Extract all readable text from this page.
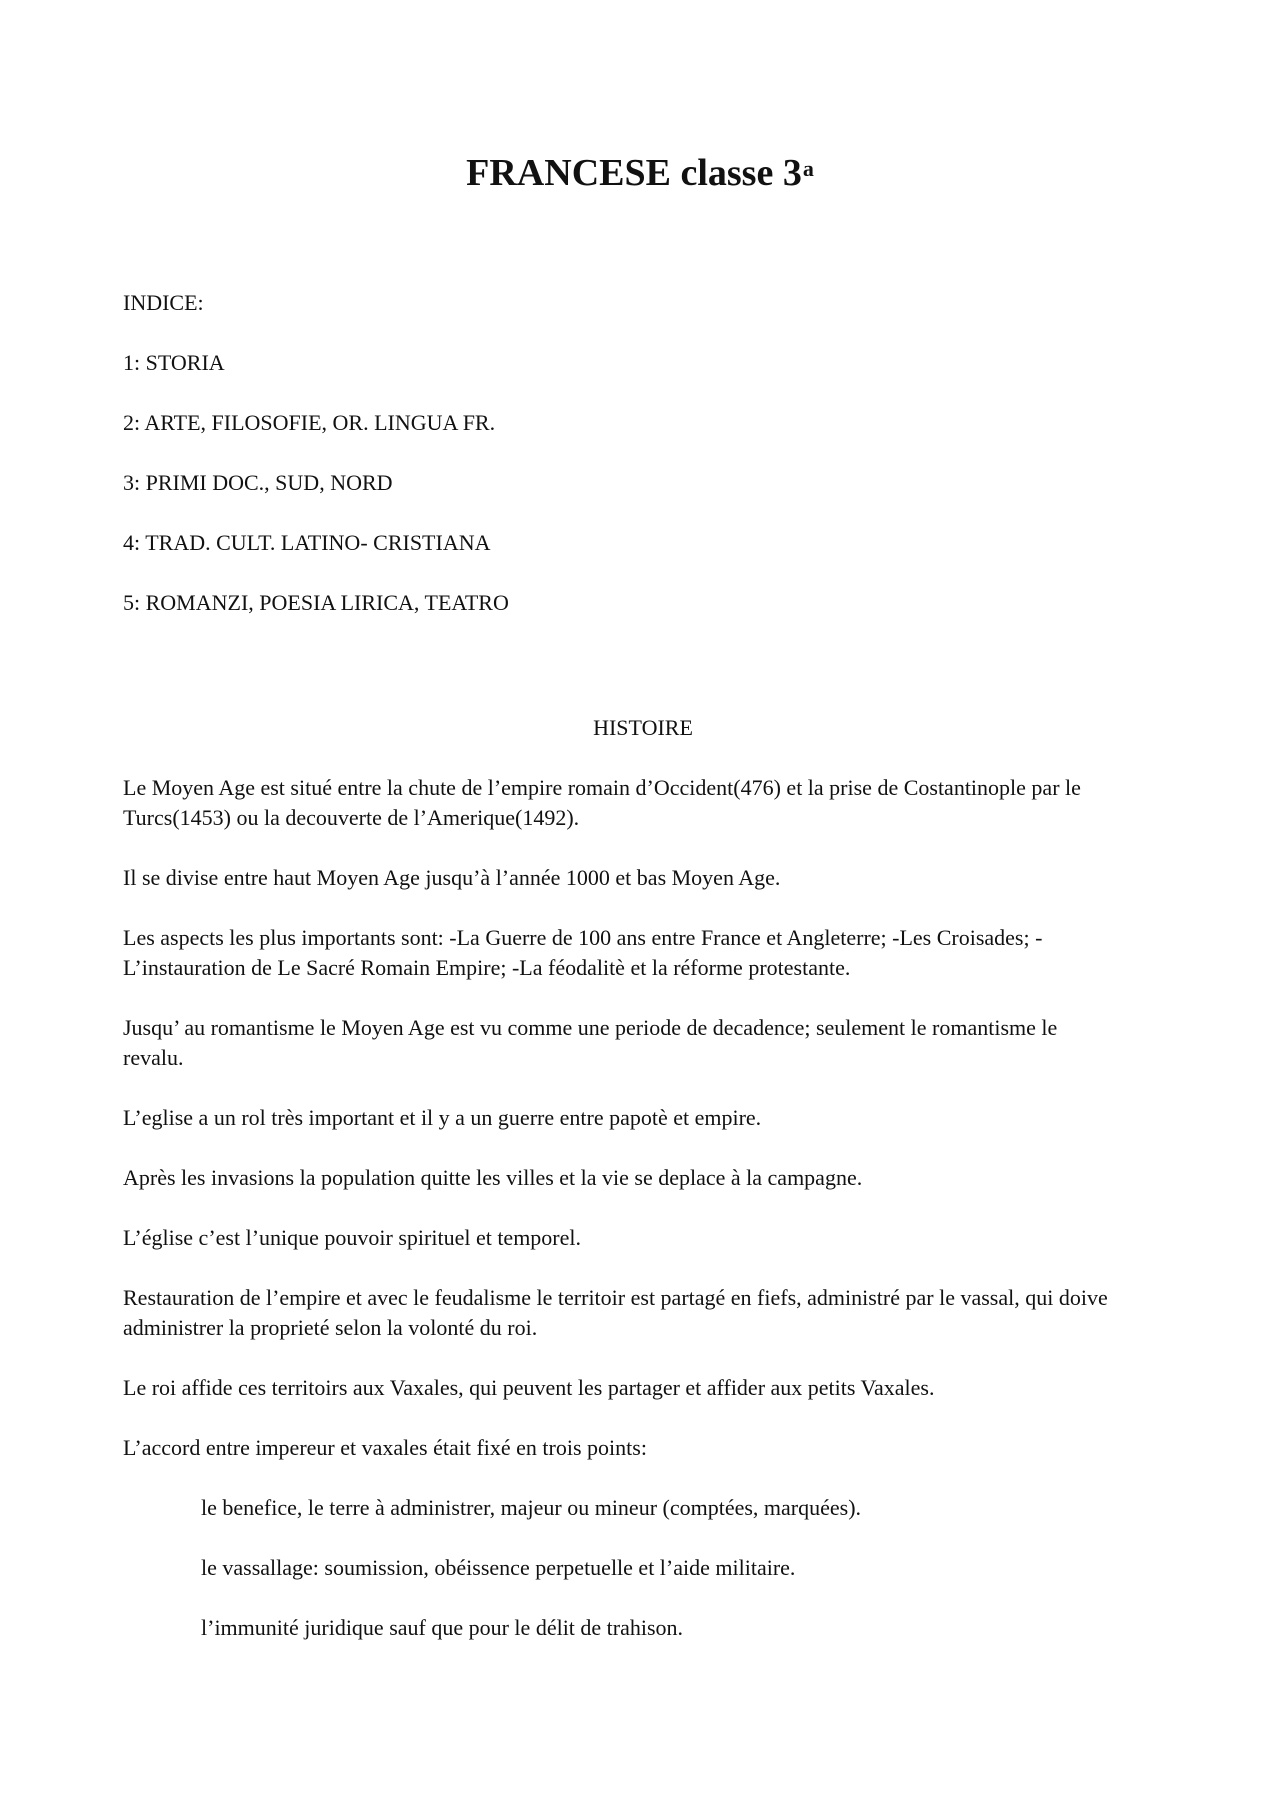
FRANCESE classe 3$^a$

INDICE:

1: STORIA
2: ARTE, FILOSOFIE, OR. LINGUA FR.
3: PRIMI DOC., SUD, NORD
4: TRAD. CULT. LATINO- CRISTIANA
5: ROMANZI, POESIA LIRICA, TEATRO
HISTOIRE

Le Moyen Age est situé entre la chute de l’empire romain d’Occident(476) et la prise de Costantinople par le Turcs(1453) ou la decouverte de l’Amerique(1492).

Il se divise entre haut Moyen Age jusqu’à l’année 1000 et bas Moyen Age.

Les aspects les plus importants sont: -La Guerre de 100 ans entre France et Angleterre; -Les Croisades; -L’instauration de Le Sacré Romain Empire; -La féodalitè et la réforme protestante.

Jusqu’ au romantisme le Moyen Age est vu comme une periode de decadence; seulement le romantisme le revalu.

L’eglise a un rol très important et il y a un guerre entre papotè et empire.

Après les invasions la population quitte les villes et la vie se deplace à la campagne.

L’église c’est l’unique pouvoir spirituel et temporel.

Restauration de l’empire et avec le feudalisme le territoir est partagé en fiefs, administré par le vassal, qui doive administrer la proprieté selon la volonté du roi.

Le roi affide ces territoirs aux Vaxales, qui peuvent les partager et affider aux petits Vaxales.

L’accord entre impereur et vaxales était fixé en trois points:

le benefice, le terre à administrer, majeur ou mineur (comptées, marquées).
le vassallage: soumission, obéissence perpetuelle et l’aide militaire.
l’immunité juridique sauf que pour le délit de trahison.
